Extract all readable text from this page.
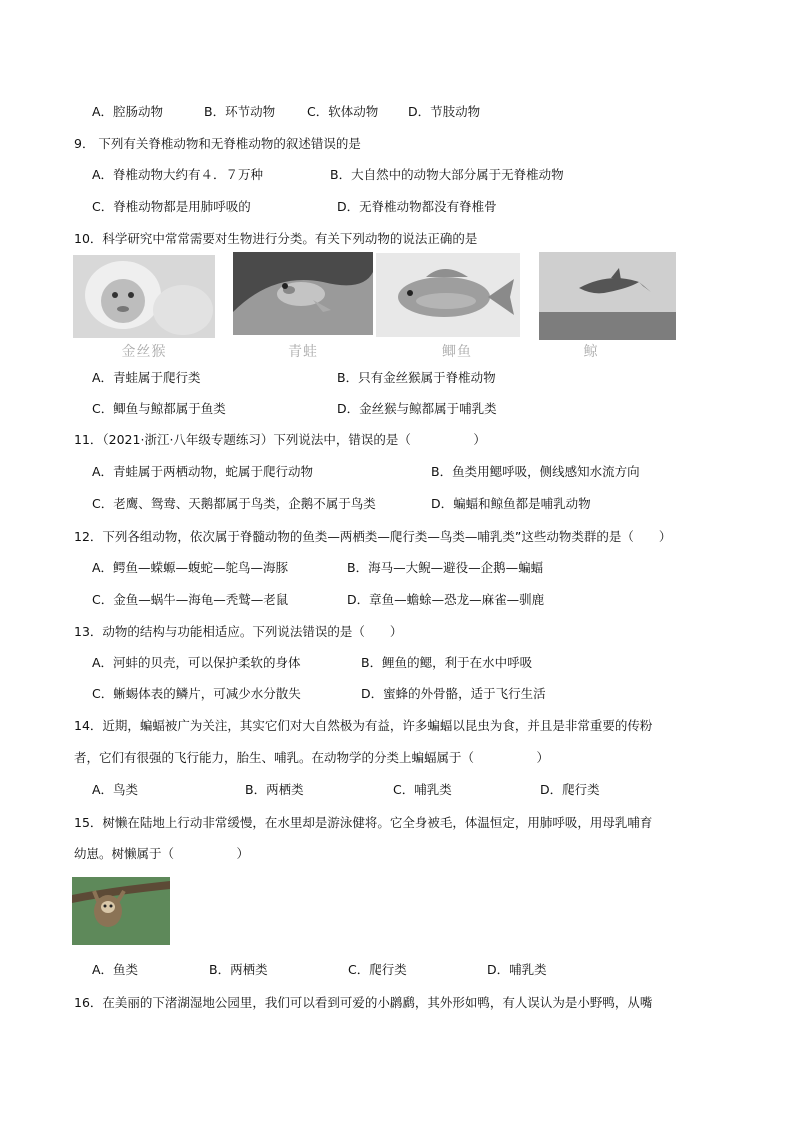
A．腔肠动物	B．环节动物	C．软体动物 D．节肢动物
9． 下列有关脊椎动物和无脊椎动物的叙述错误的是
A．脊椎动物大约有４．７万种	B．大自然中的动物大部分属于无脊椎动物
C．脊椎动物都是用肺呼吸的	D．无脊椎动物都没有脊椎骨
10．科学研究中常常需要对生物进行分类。有关下列动物的说法正确的是
金丝猴	青蛙	鲫鱼	鲸
A．青蛙属于爬行类	B．只有金丝猴属于脊椎动物
C．鲫鱼与鲸都属于鱼类	D．金丝猴与鲸都属于哺乳类
11．（2021·浙江·八年级专题练习）下列说法中，错误的是（　　　　　）
A．青蛙属于两栖动物，蛇属于爬行动物	B．鱼类用鳃呼吸，侧线感知水流方向
C．老鹰、鸳鸯、天鹅都属于鸟类，企鹅不属于鸟类	D．蝙蝠和鲸鱼都是哺乳动物
12．下列各组动物，依次属于脊髓动物的鱼类—两栖类—爬行类—鸟类—哺乳类”这些动物类群的是（　　）
A．鳄鱼—蝾螈—蝮蛇—鸵鸟—海豚	B．海马—大鲵—避役—企鹅—蝙蝠
C．金鱼—蜗牛—海龟—秃鹫—老鼠	D．章鱼—蟾蜍—恐龙—麻雀—驯鹿
13．动物的结构与功能相适应。下列说法错误的是（　　）
A．河蚌的贝壳，可以保护柔软的身体	B．鲤鱼的鳃，利于在水中呼吸
C．蜥蜴体表的鳞片，可减少水分散失	D．蜜蜂的外骨骼，适于飞行生活
14．近期，蝙蝠被广为关注，其实它们对大自然极为有益，许多蝙蝠以昆虫为食，并且是非常重要的传粉
者，它们有很强的飞行能力，胎生、哺乳。在动物学的分类上蝙蝠属于（　　　　　）
A．鸟类	B．两栖类	C．哺乳类	D．爬行类
15．树懒在陆地上行动非常缓慢，在水里却是游泳健将。它全身被毛，体温恒定，用肺呼吸，用母乳哺育
幼崽。树懒属于（　　　　　）
A．鱼类	B．两栖类	C．爬行类	D．哺乳类
16．在美丽的下渚湖湿地公园里，我们可以看到可爱的小䴙䴘，其外形如鸭，有人误认为是小野鸭，从嘴
